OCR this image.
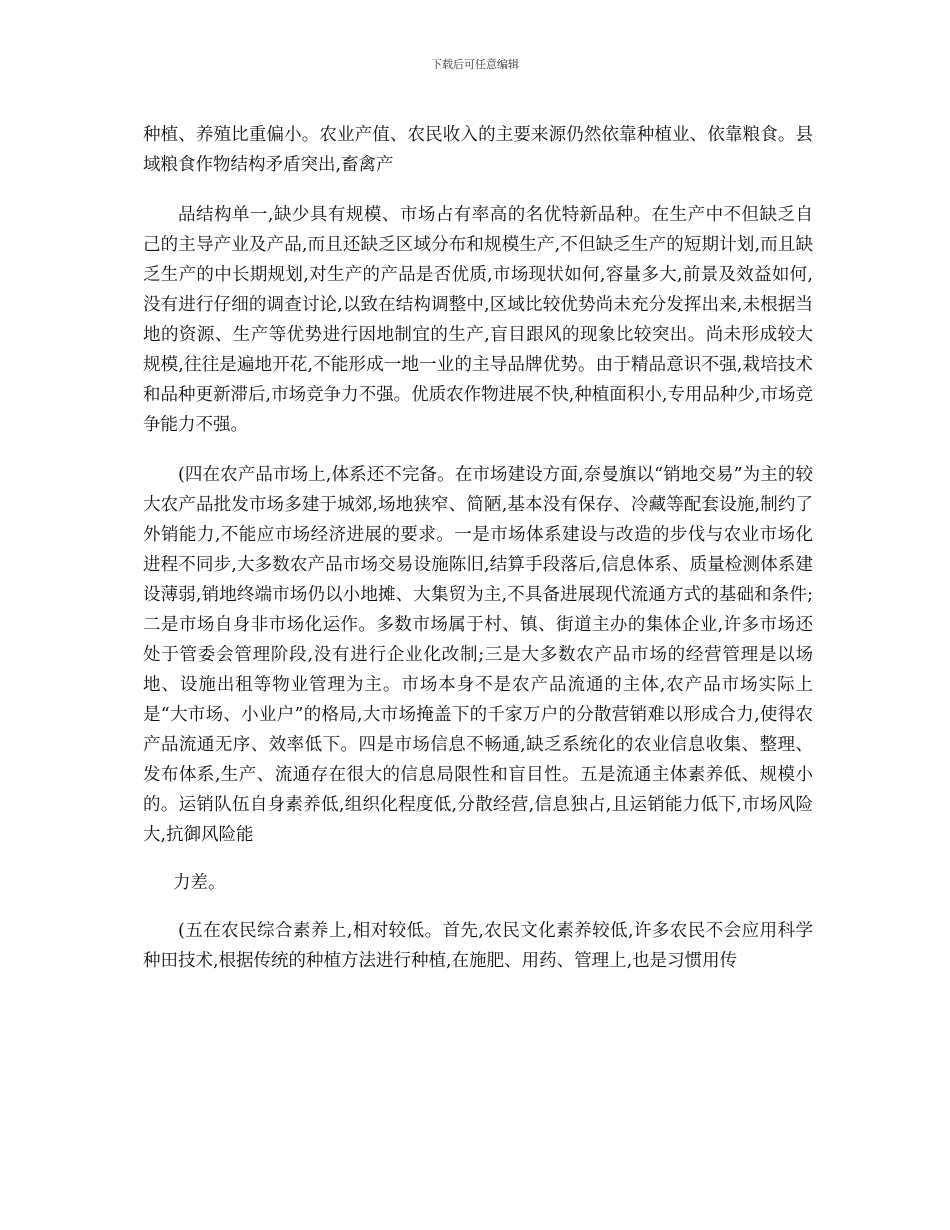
下载后可任意编辑

种植、养殖比重偏小。农业产值、农民收入的主要来源仍然依靠种植业、依靠粮食。县域粮食作物结构矛盾突出,畜禽产

品结构单一,缺少具有规模、市场占有率高的名优特新品种。在生产中不但缺乏自己的主导产业及产品,而且还缺乏区域分布和规模生产,不但缺乏生产的短期计划,而且缺乏生产的中长期规划,对生产的产品是否优质,市场现状如何,容量多大,前景及效益如何,没有进行仔细的调查讨论,以致在结构调整中,区域比较优势尚未充分发挥出来,未根据当地的资源、生产等优势进行因地制宜的生产,盲目跟风的现象比较突出。尚未形成较大规模,往往是遍地开花,不能形成一地一业的主导品牌优势。由于精品意识不强,栽培技术和品种更新滞后,市场竞争力不强。优质农作物进展不快,种植面积小,专用品种少,市场竞争能力不强。

(四在农产品市场上,体系还不完备。在市场建设方面,奈曼旗以“销地交易”为主的较大农产品批发市场多建于城郊,场地狭窄、简陋,基本没有保存、冷藏等配套设施,制约了外销能力,不能应市场经济进展的要求。一是市场体系建设与改造的步伐与农业市场化进程不同步,大多数农产品市场交易设施陈旧,结算手段落后,信息体系、质量检测体系建设薄弱,销地终端市场仍以小地摊、大集贸为主,不具备进展现代流通方式的基础和条件;二是市场自身非市场化运作。多数市场属于村、镇、街道主办的集体企业,许多市场还处于管委会管理阶段,没有进行企业化改制;三是大多数农产品市场的经营管理是以场地、设施出租等物业管理为主。市场本身不是农产品流通的主体,农产品市场实际上是“大市场、小业户”的格局,大市场掩盖下的千家万户的分散营销难以形成合力,使得农产品流通无序、效率低下。四是市场信息不畅通,缺乏系统化的农业信息收集、整理、发布体系,生产、流通存在很大的信息局限性和盲目性。五是流通主体素养低、规模小的。运销队伍自身素养低,组织化程度低,分散经营,信息独占,且运销能力低下,市场风险大,抗御风险能

力差。

(五在农民综合素养上,相对较低。首先,农民文化素养较低,许多农民不会应用科学种田技术,根据传统的种植方法进行种植,在施肥、用药、管理上,也是习惯用传
